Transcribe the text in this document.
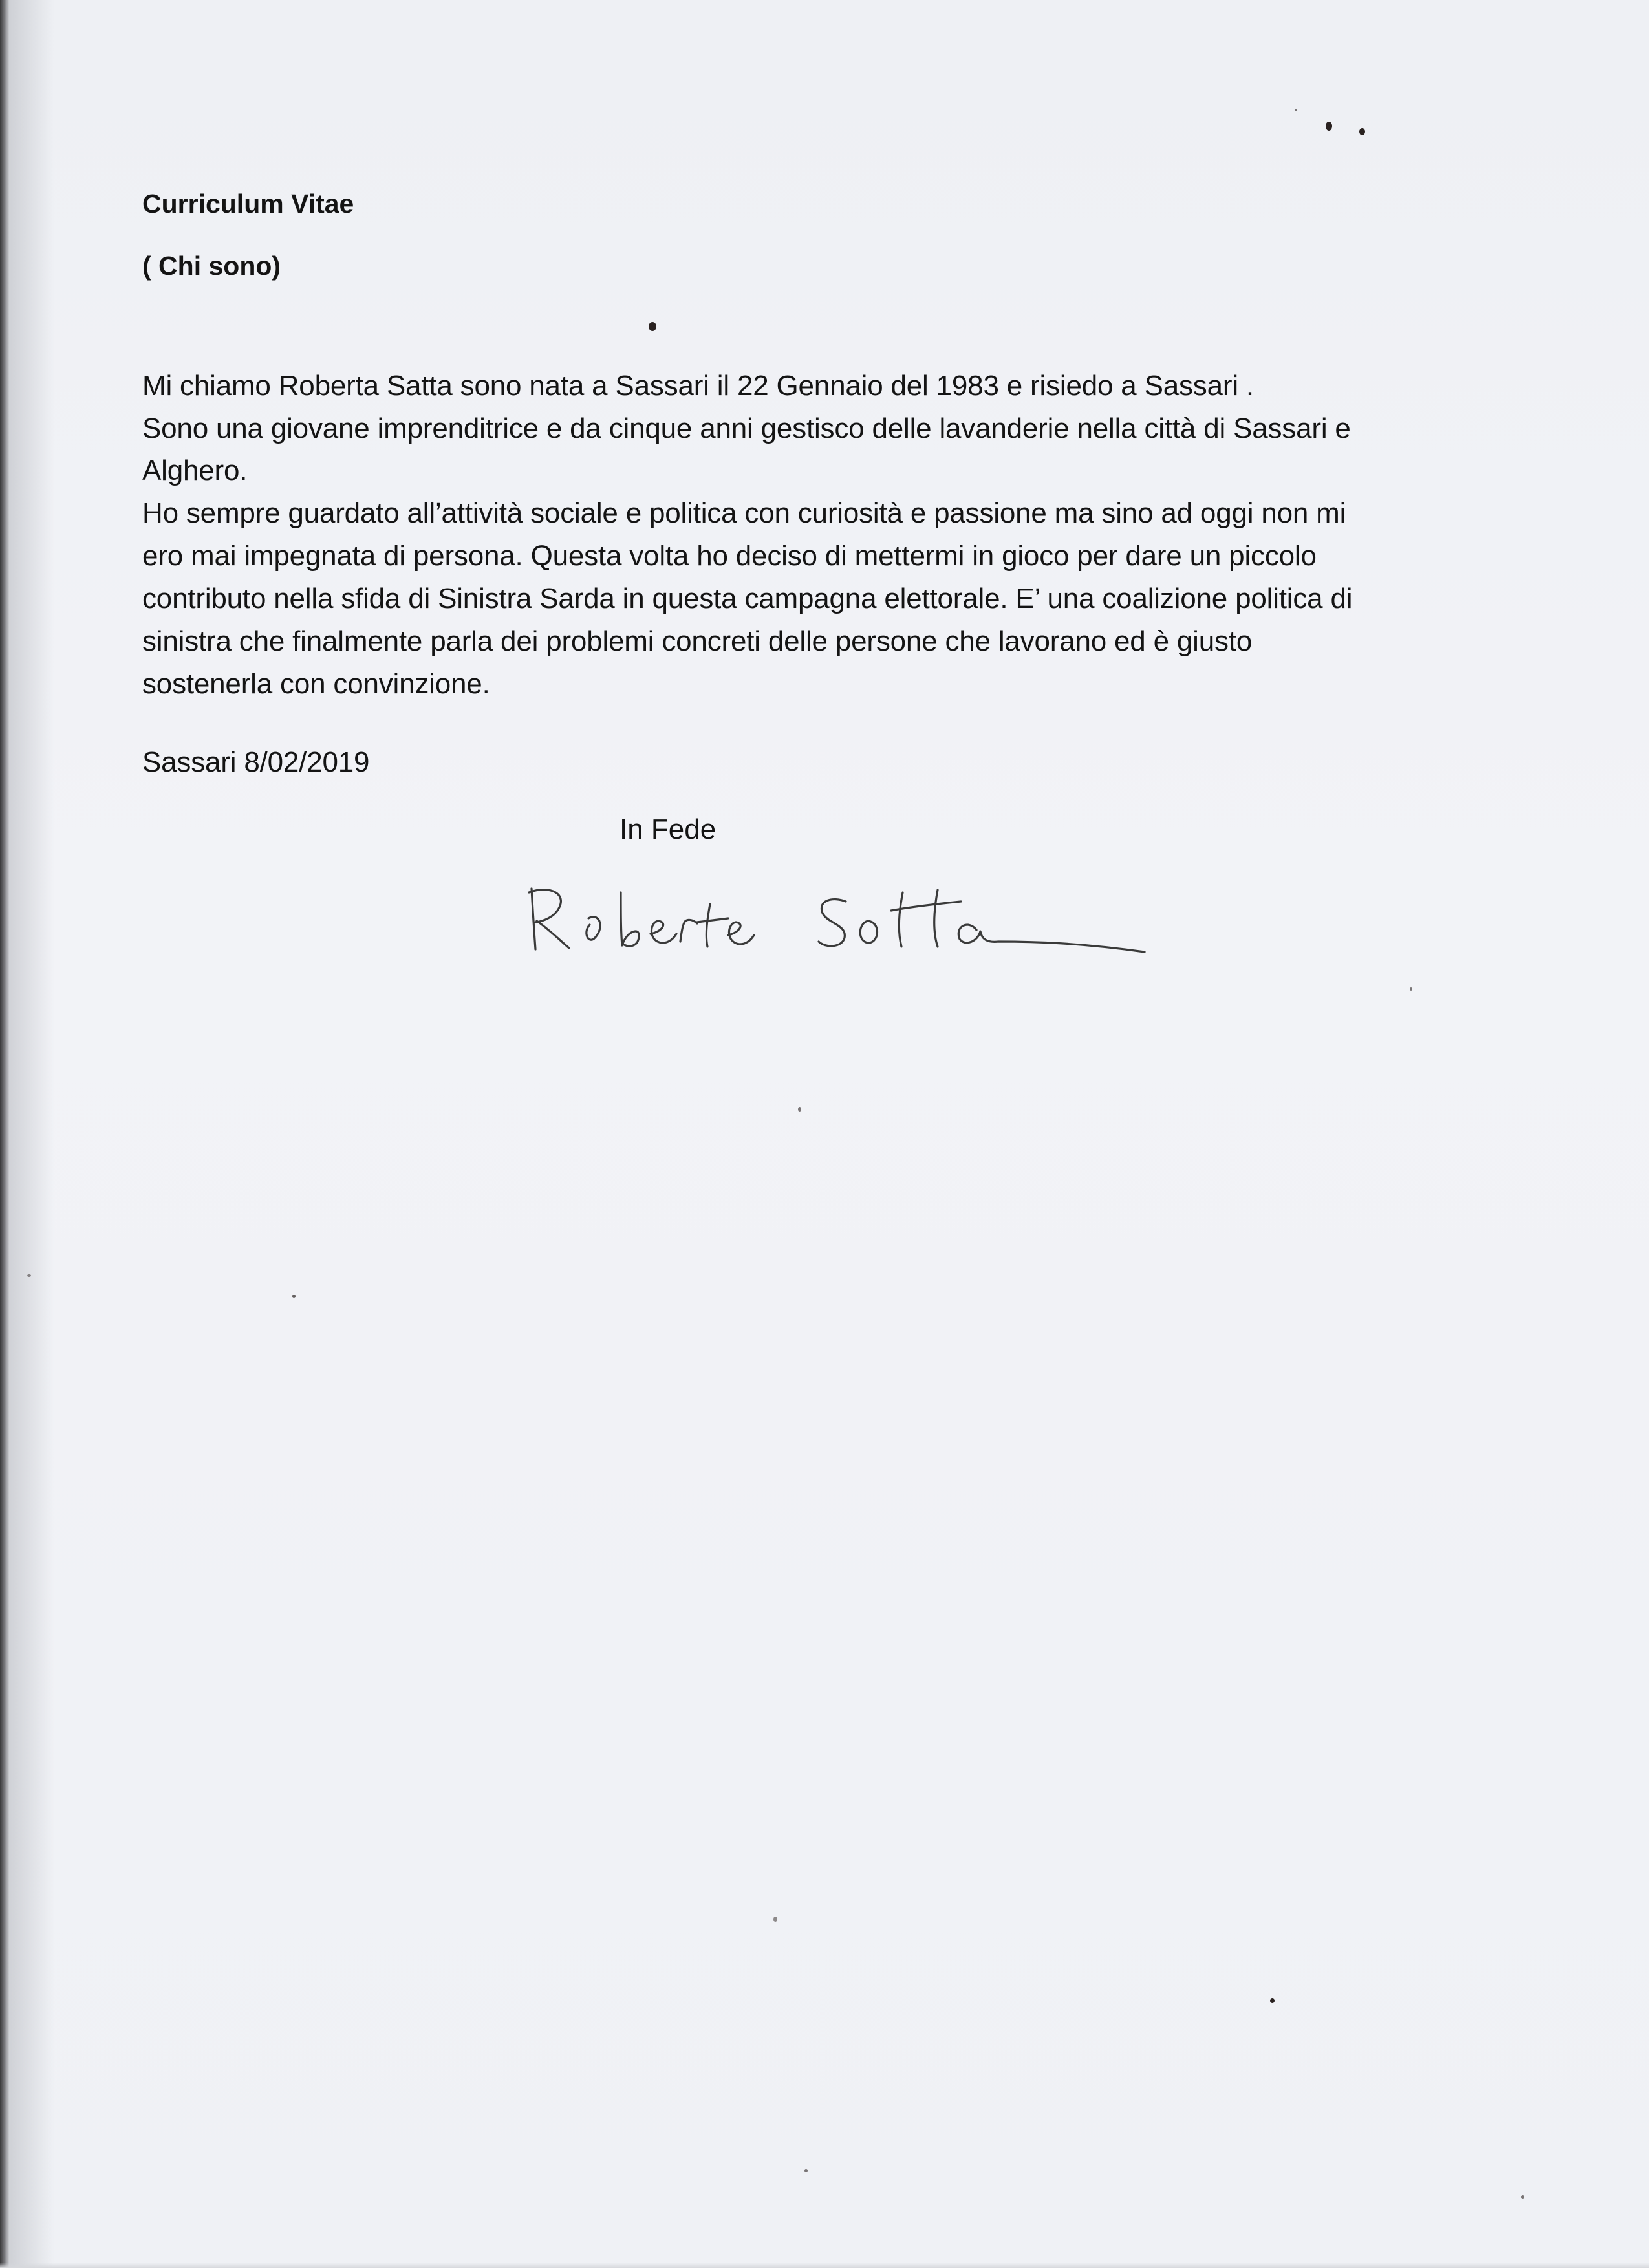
Curriculum Vitae
( Chi sono)
Mi chiamo Roberta Satta sono nata a Sassari il 22 Gennaio del 1983 e risiedo a Sassari .
Sono una giovane imprenditrice e da cinque anni gestisco delle lavanderie nella città di Sassari e
Alghero.
Ho sempre guardato all’attività sociale e politica con curiosità e passione ma sino ad oggi non mi
ero mai impegnata di persona. Questa volta ho deciso di mettermi in gioco per dare un piccolo
contributo nella sfida di Sinistra Sarda in questa campagna elettorale. E’ una coalizione politica di
sinistra che finalmente parla dei problemi concreti delle persone che lavorano ed è giusto
sostenerla con convinzione.
Sassari 8/02/2019
In Fede
